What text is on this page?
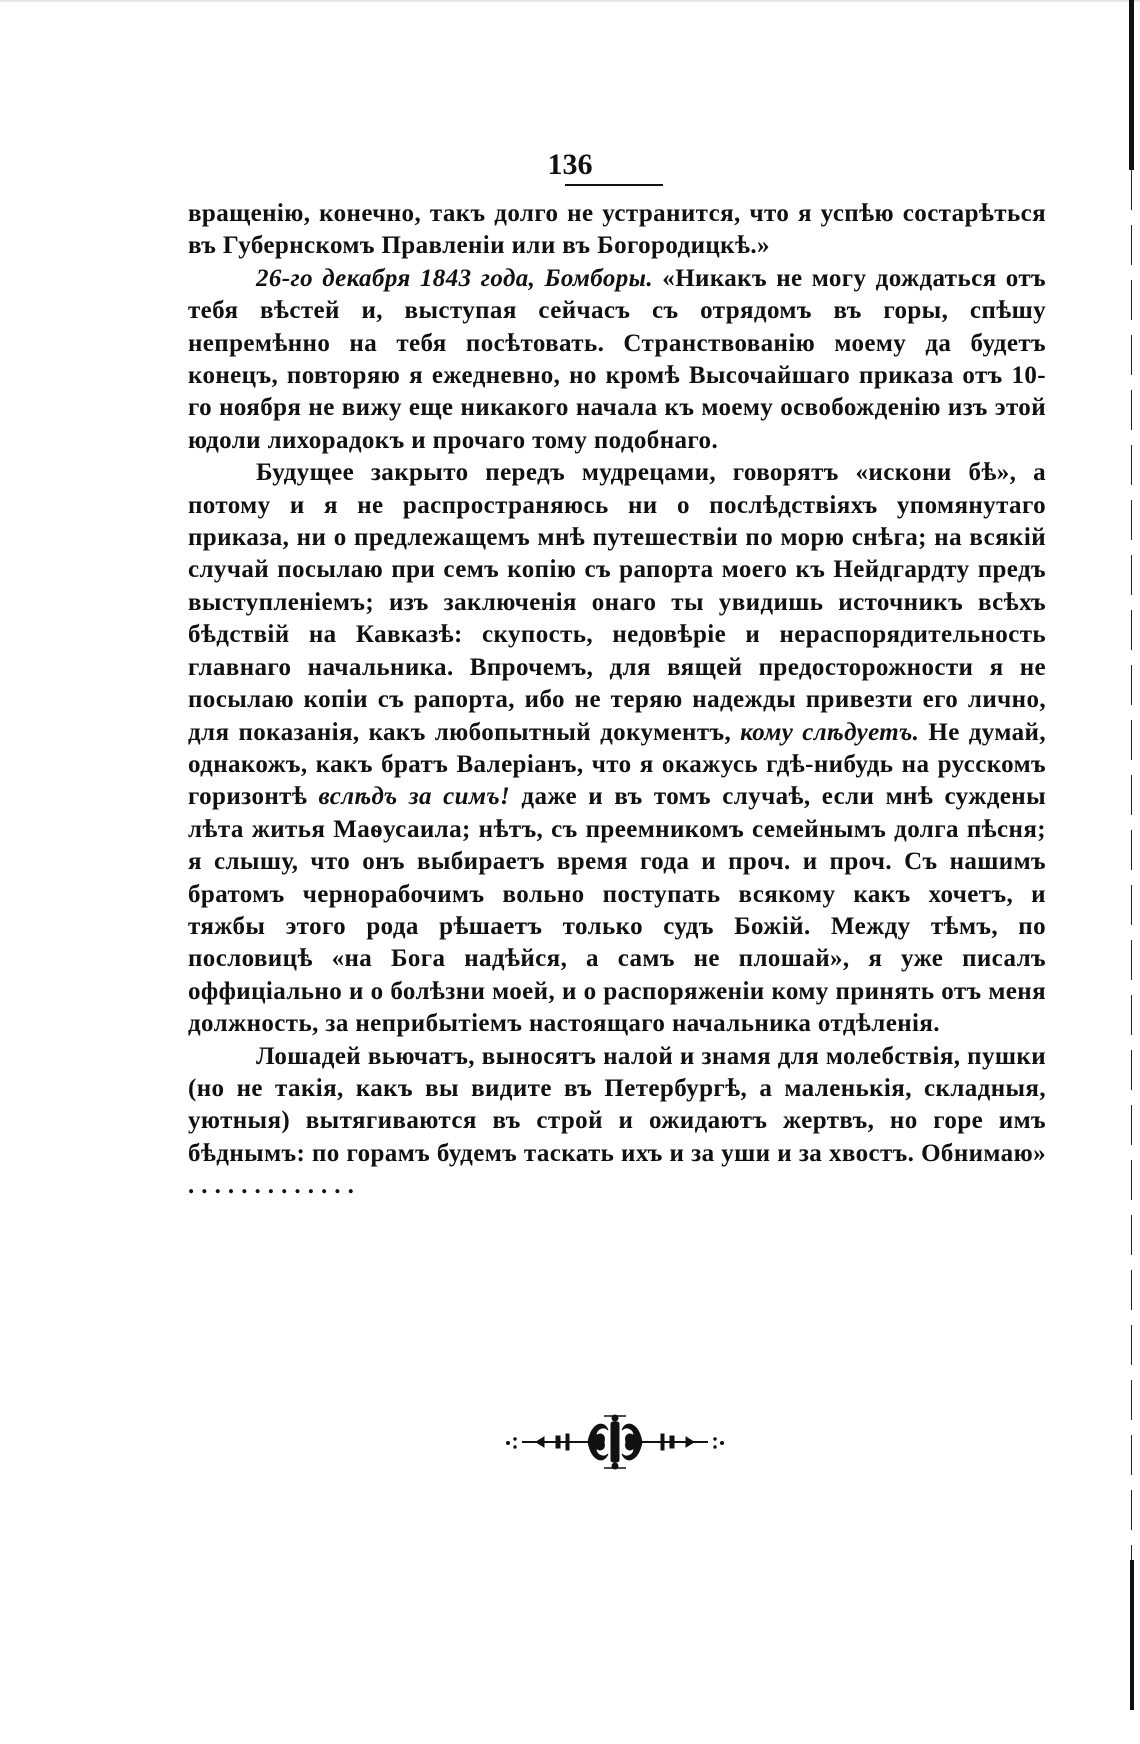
136

вращенію, конечно, такъ долго не устранится, что я успѣю состарѣться въ Губернскомъ Правленіи или въ Богородицкѣ.»

26-го декабря 1843 года, Бомборы. «Никакъ не могу дождаться отъ тебя вѣстей и, выступая сейчасъ съ отрядомъ въ горы, спѣшу непремѣнно на тебя посѣтовать. Странствованію моему да будетъ конецъ, повторяю я ежедневно, но кромѣ Высочайшаго приказа отъ 10-го ноября не вижу еще никакого начала къ моему освобожденію изъ этой юдоли лихорадокъ и прочаго тому подобнаго.

Будущее закрыто передъ мудрецами, говорятъ «искони бѣ», а потому и я не распространяюсь ни о послѣдствіяхъ упомянутаго приказа, ни о предлежащемъ мнѣ путешествіи по морю снѣга; на всякій случай посылаю при семъ копію съ рапорта моего къ Нейдгардту предъ выступленіемъ; изъ заключенія онаго ты увидишь источникъ всѣхъ бѣдствій на Кавказѣ: скупость, недовѣріе и нераспорядительность главнаго начальника. Впрочемъ, для вящей предосторожности я не посылаю копіи съ рапорта, ибо не теряю надежды привезти его лично, для показанія, какъ любопытный документъ, кому слѣдуетъ. Не думай, однакожъ, какъ братъ Валеріанъ, что я окажусь гдѣ-нибудь на русскомъ горизонтѣ вслѣдъ за симъ! даже и въ томъ случаѣ, если мнѣ суждены лѣта житья Маѳусаила; нѣтъ, съ преемникомъ семейнымъ долга пѣсня; я слышу, что онъ выбираетъ время года и проч. и проч. Съ нашимъ братомъ чернорабочимъ вольно поступать всякому какъ хочетъ, и тяжбы этого рода рѣшаетъ только судъ Божій. Между тѣмъ, по пословицѣ «на Бога надѣйся, а самъ не плошай», я уже писалъ оффиціально и о болѣзни моей, и о распоряженіи кому принять отъ меня должность, за неприбытіемъ настоящаго начальника отдѣленія.

Лошадей вьючатъ, выносятъ налой и знамя для молебствія, пушки (но не такія, какъ вы видите въ Петербургѣ, а маленькія, складныя, уютныя) вытягиваются въ строй и ожидаютъ жертвъ, но горе имъ бѣднымъ: по горамъ будемъ таскать ихъ и за уши и за хвостъ. Обнимаю» . . . . . . . . . . . . .
